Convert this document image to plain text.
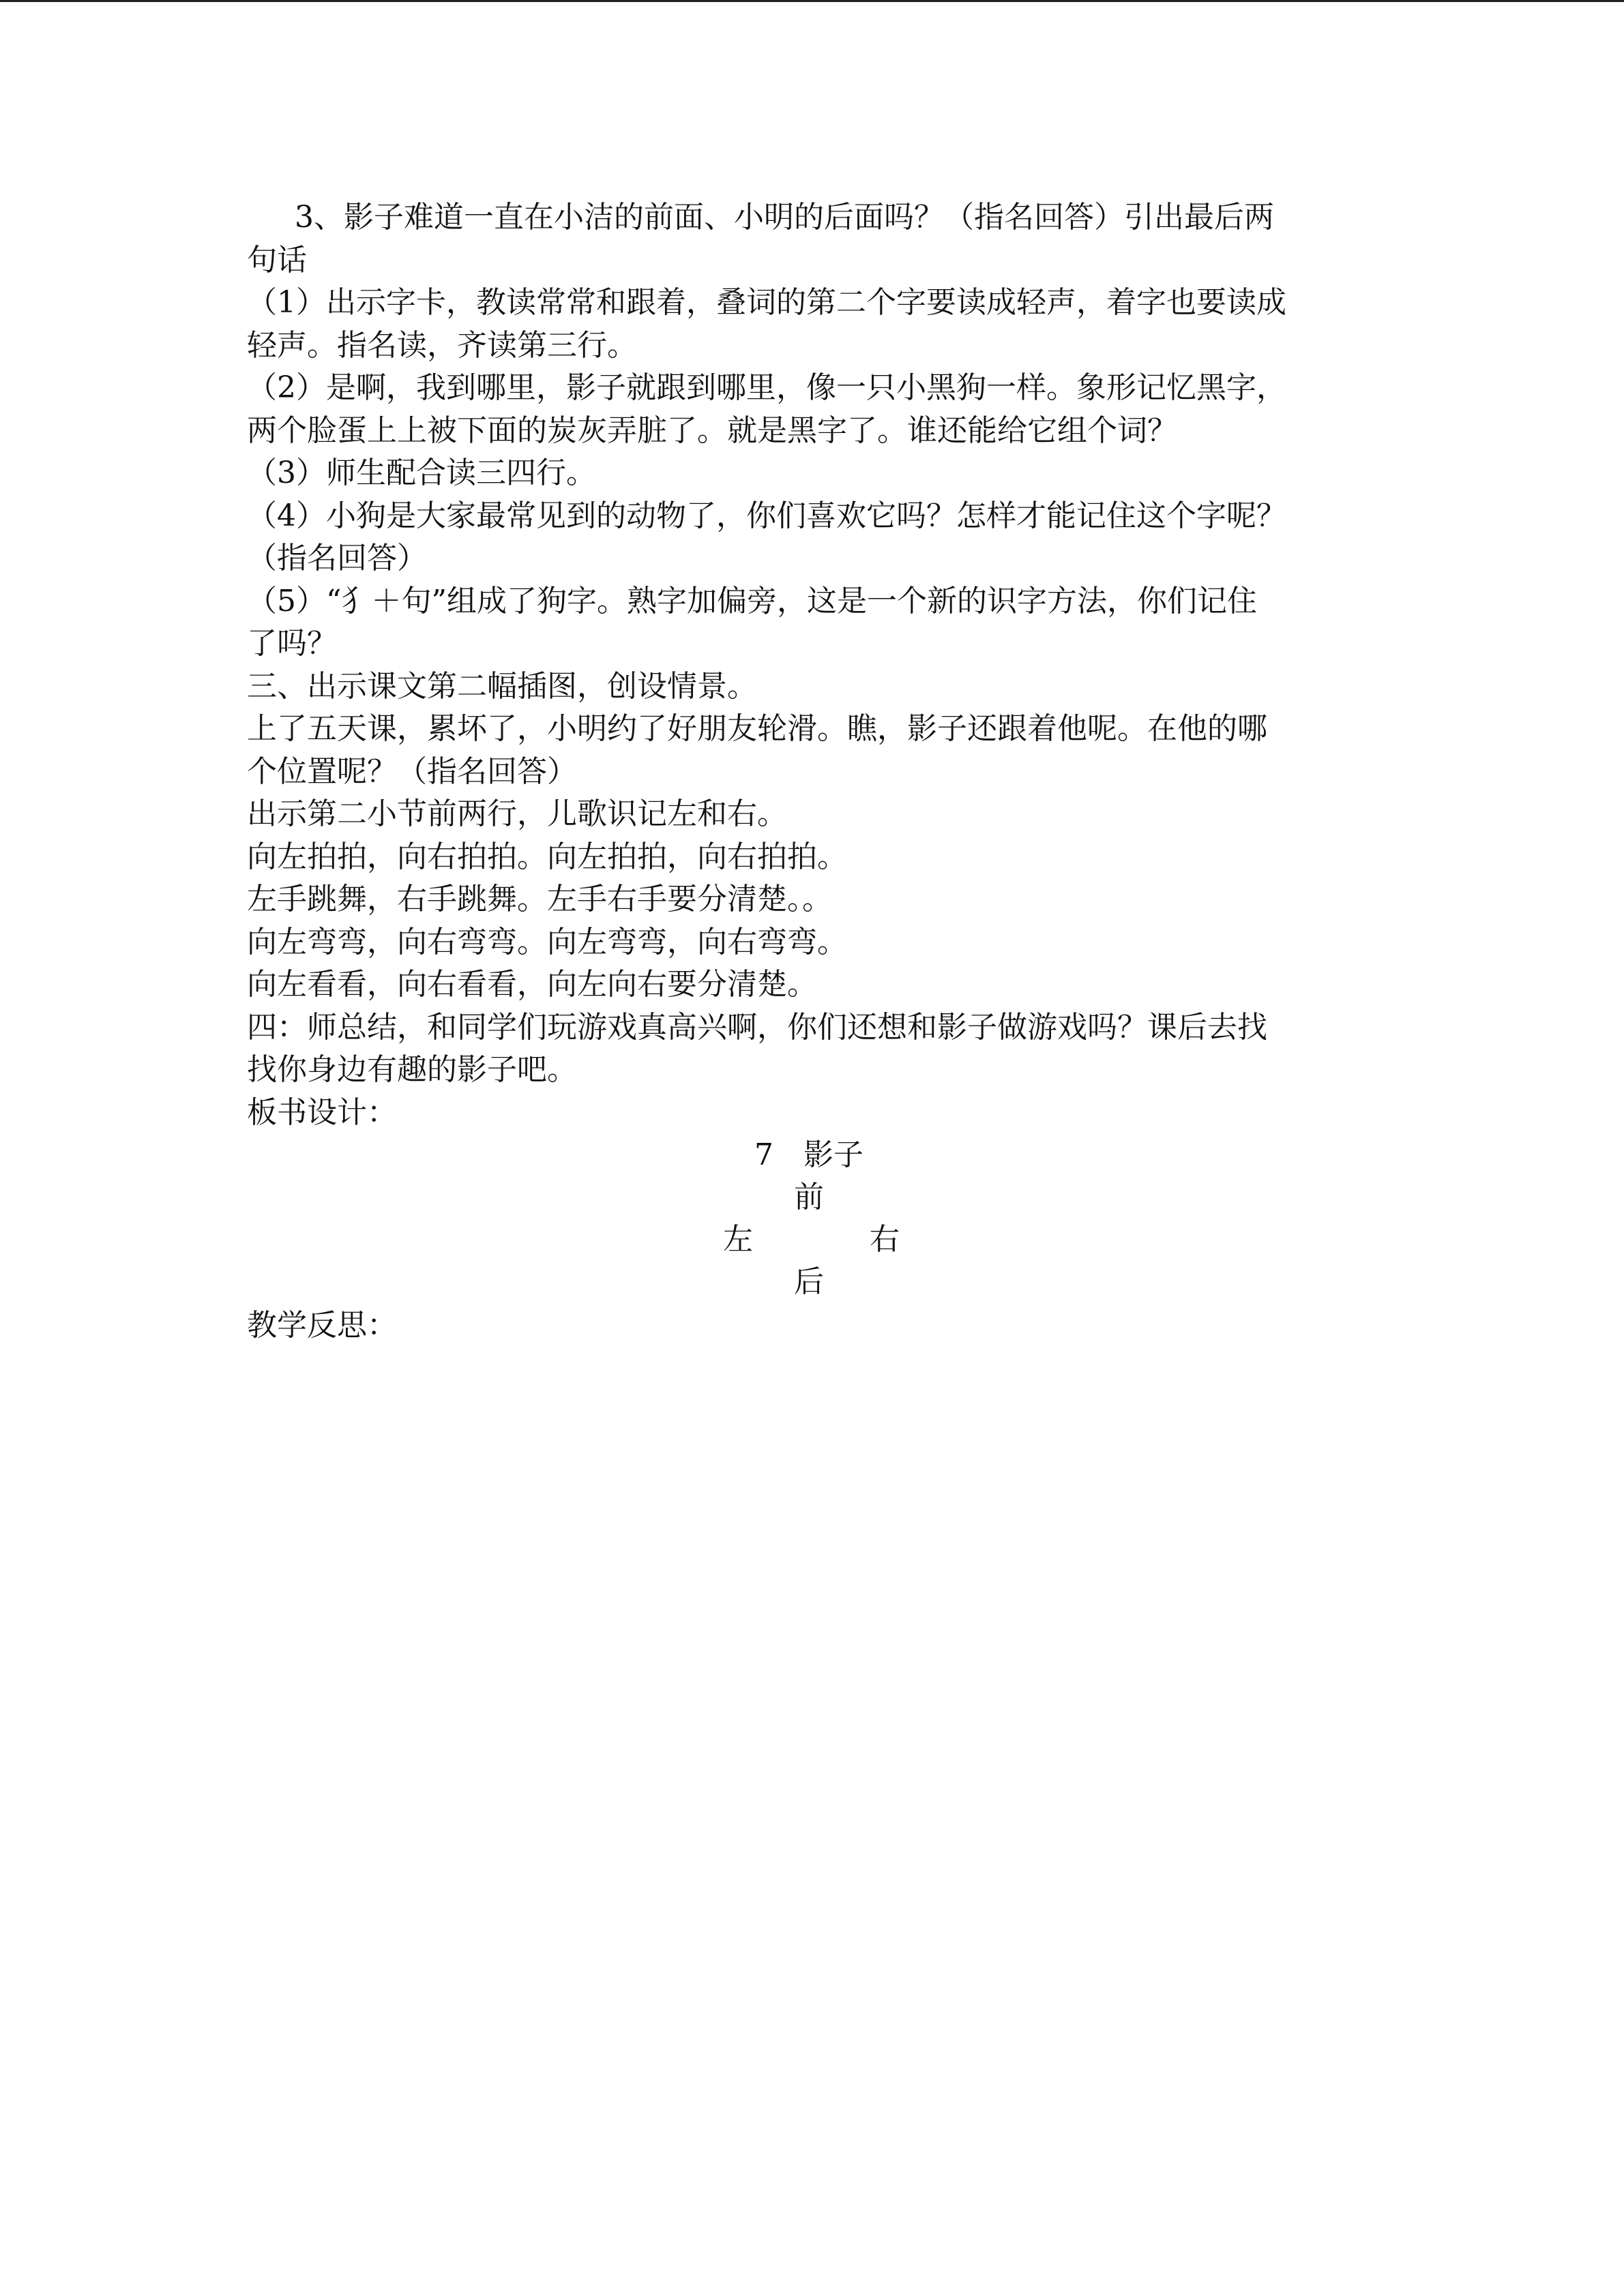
3、影子难道一直在小洁的前面、小明的后面吗？（指名回答）引出最后两

句话

（1）出示字卡，教读常常和跟着，叠词的第二个字要读成轻声，着字也要读成

轻声。指名读，齐读第三行。

（2）是啊，我到哪里，影子就跟到哪里，像一只小黑狗一样。象形记忆黑字，

两个脸蛋上上被下面的炭灰弄脏了。就是黑字了。谁还能给它组个词？

（3）师生配合读三四行。

（4）小狗是大家最常见到的动物了，你们喜欢它吗？怎样才能记住这个字呢？

（指名回答）

（5）“犭＋句”组成了狗字。熟字加偏旁，这是一个新的识字方法，你们记住

了吗？

三、出示课文第二幅插图，创设情景。

上了五天课，累坏了，小明约了好朋友轮滑。瞧，影子还跟着他呢。在他的哪

个位置呢？（指名回答）

出示第二小节前两行，儿歌识记左和右。

向左拍拍，向右拍拍。向左拍拍，向右拍拍。

左手跳舞，右手跳舞。左手右手要分清楚。。

向左弯弯，向右弯弯。向左弯弯，向右弯弯。

向左看看，向右看看，向左向右要分清楚。

四：师总结，和同学们玩游戏真高兴啊，你们还想和影子做游戏吗？课后去找

找你身边有趣的影子吧。

板书设计：

7　影子
前
左	右
后

教学反思：
